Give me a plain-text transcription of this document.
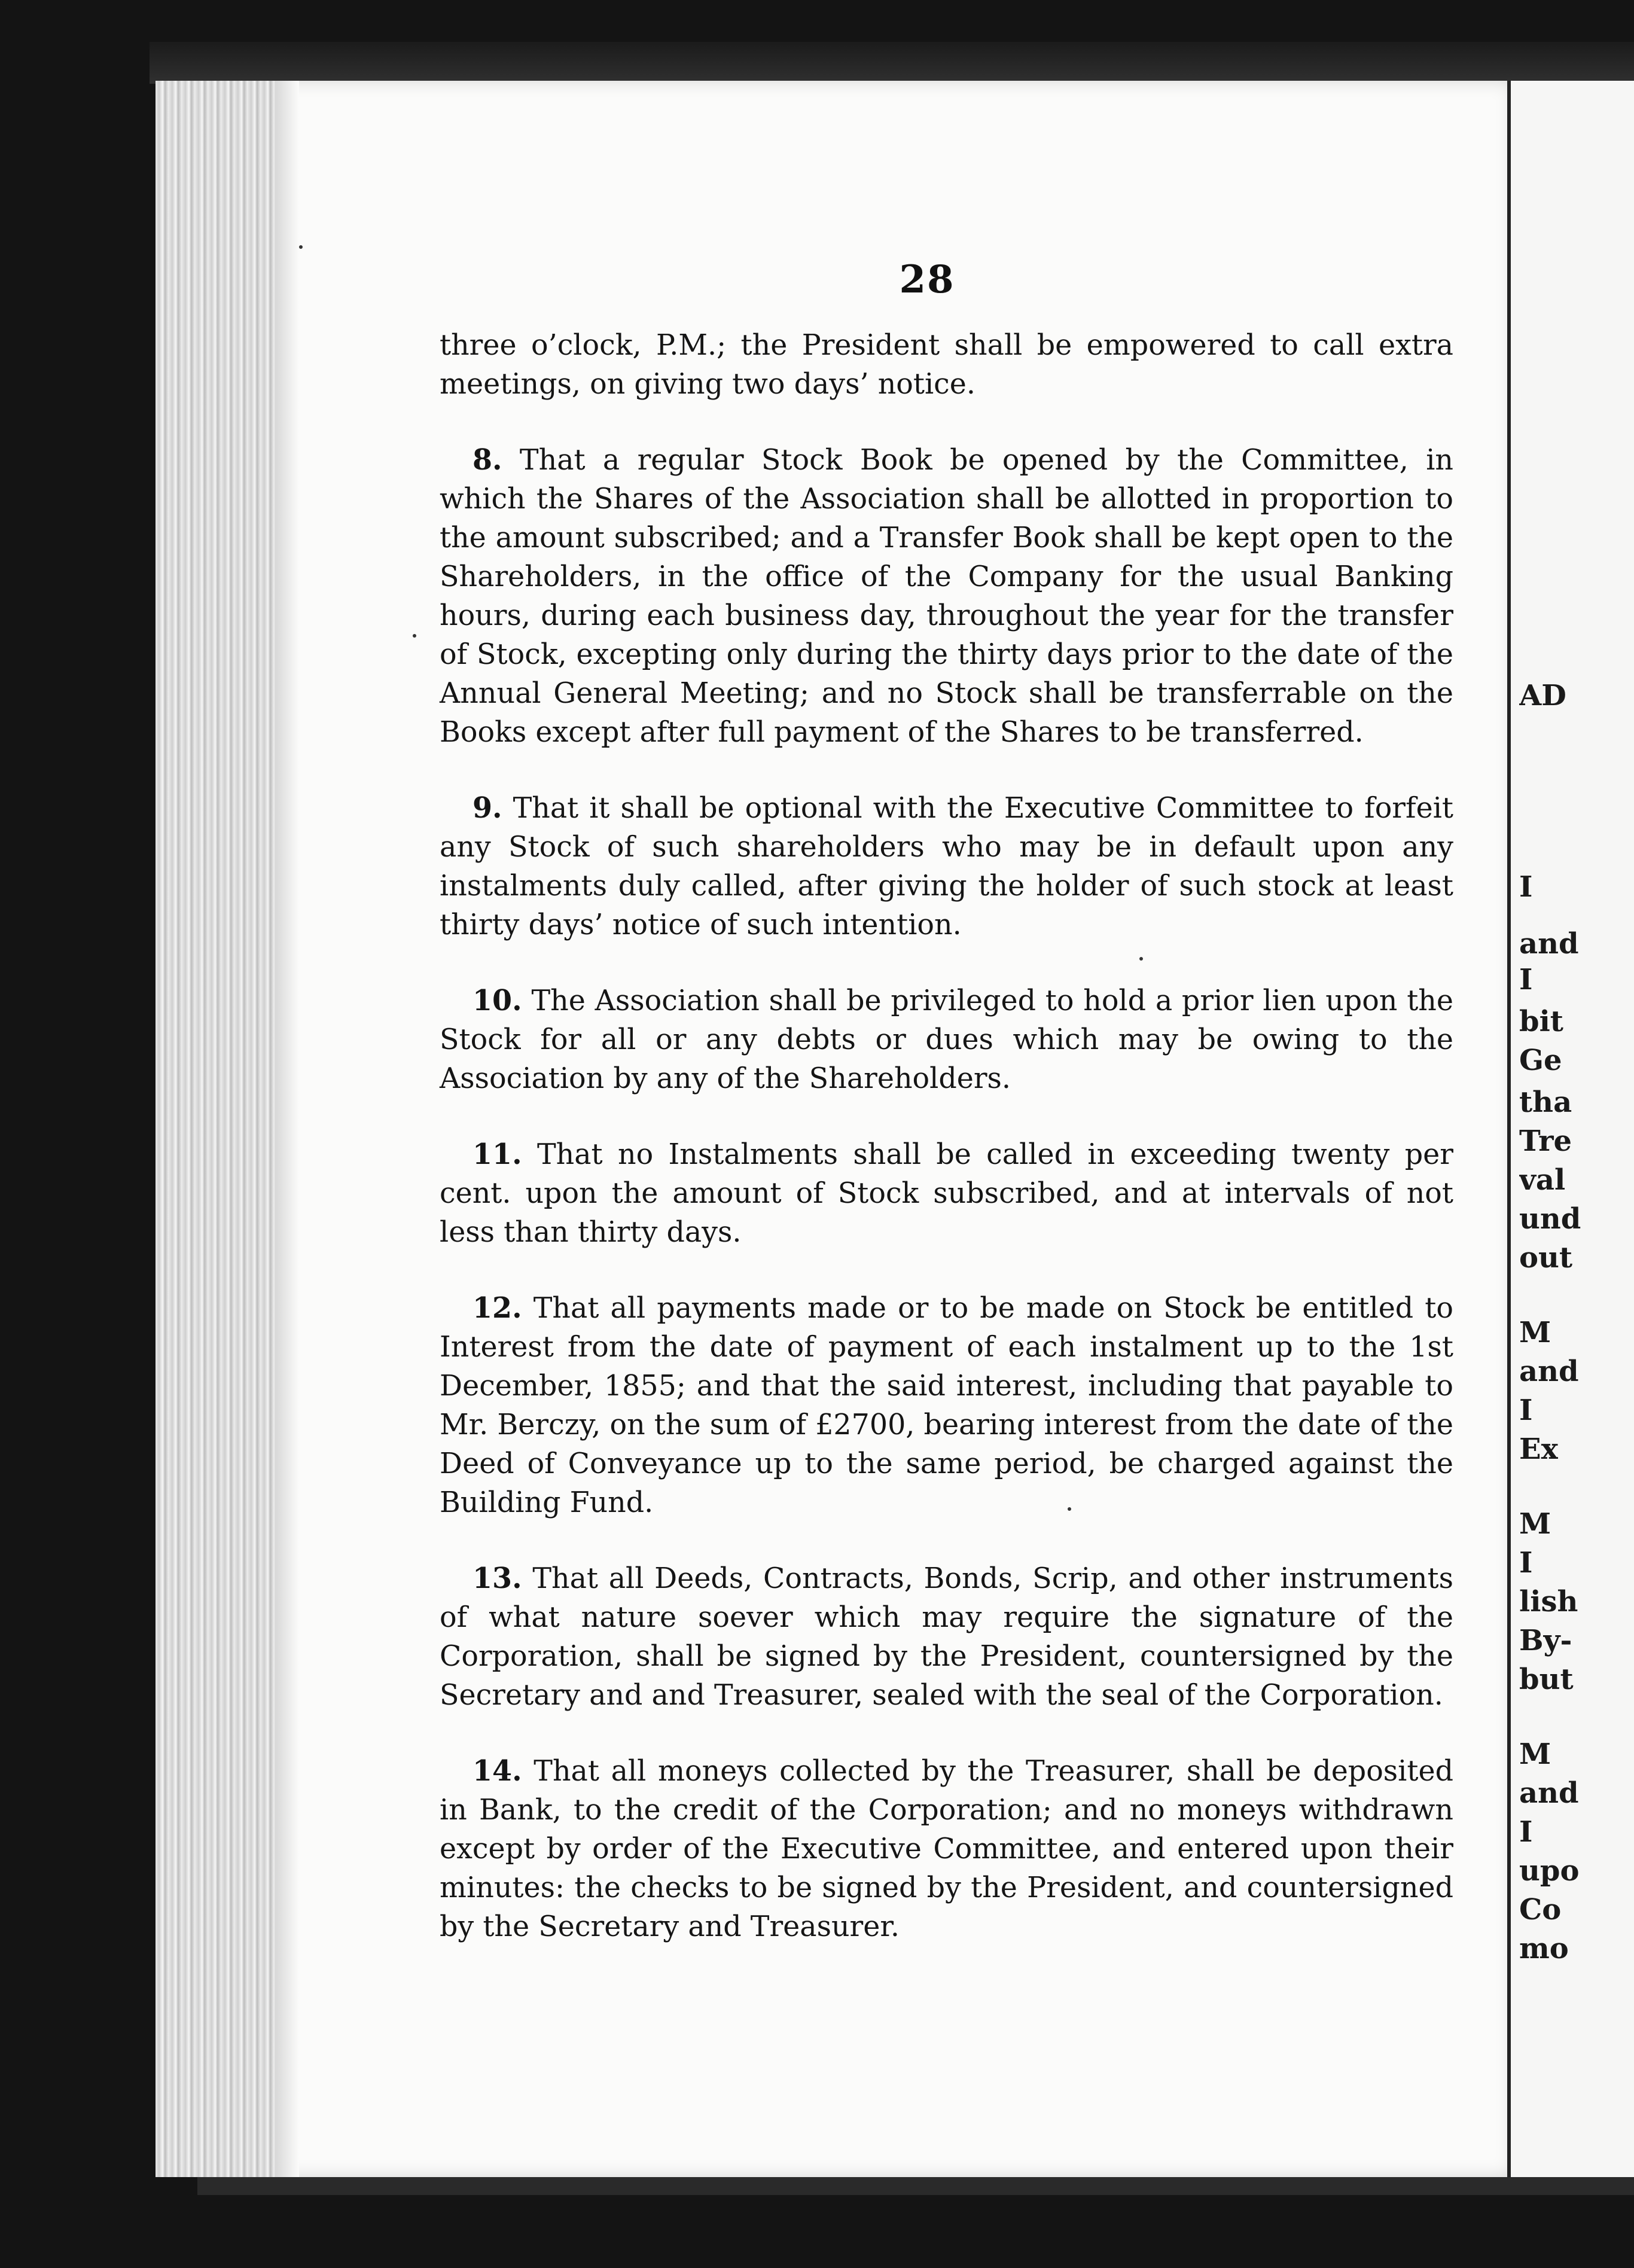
28

three o’clock, P.M.; the President shall be empowered to call extra meetings, on giving two days’ notice.

8. That a regular Stock Book be opened by the Committee, in which the Shares of the Association shall be allotted in proportion to the amount subscribed; and a Transfer Book shall be kept open to the Shareholders, in the office of the Company for the usual Banking hours, during each business day, throughout the year for the transfer of Stock, excepting only during the thirty days prior to the date of the Annual General Meeting; and no Stock shall be transferrable on the Books except after full payment of the Shares to be transferred.

9. That it shall be optional with the Executive Committee to forfeit any Stock of such shareholders who may be in default upon any instalments duly called, after giving the holder of such stock at least thirty days’ notice of such intention.

10. The Association shall be privileged to hold a prior lien upon the Stock for all or any debts or dues which may be owing to the Association by any of the Shareholders.

11. That no Instalments shall be called in exceeding twenty per cent. upon the amount of Stock subscribed, and at intervals of not less than thirty days.

12. That all payments made or to be made on Stock be entitled to Interest from the date of payment of each instalment up to the 1st December, 1855; and that the said interest, including that payable to Mr. Berczy, on the sum of £2700, bearing interest from the date of the Deed of Conveyance up to the same period, be charged against the Building Fund.

13. That all Deeds, Contracts, Bonds, Scrip, and other instruments of what nature soever which may require the signature of the Corporation, shall be signed by the President, countersigned by the Secretary and and Treasurer, sealed with the seal of the Corporation.

14. That all moneys collected by the Treasurer, shall be deposited in Bank, to the credit of the Corporation; and no moneys withdrawn except by order of the Executive Committee, and entered upon their minutes: the checks to be signed by the President, and countersigned by the Secretary and Treasurer.

AD
I
and
I
bit
Ge
tha
Tre
val
und
out
M
and
I
Ex
M
I
lish
By-
but
M
and
I
upo
Co
mo
